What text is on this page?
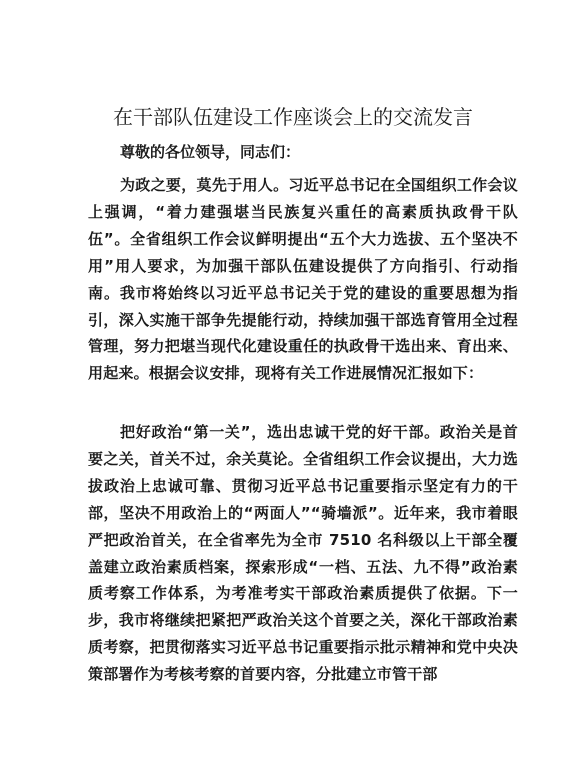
在干部队伍建设工作座谈会上的交流发言
尊敬的各位领导，同志们：

为政之要，莫先于用人。习近平总书记在全国组织工作会议上强调，“着力建强堪当民族复兴重任的高素质执政骨干队伍”。全省组织工作会议鲜明提出“五个大力选拔、五个坚决不用”用人要求，为加强干部队伍建设提供了方向指引、行动指南。我市将始终以习近平总书记关于党的建设的重要思想为指引，深入实施干部争先提能行动，持续加强干部选育管用全过程管理，努力把堪当现代化建设重任的执政骨干选出来、育出来、用起来。根据会议安排，现将有关工作进展情况汇报如下：

把好政治“第一关”，选出忠诚干党的好干部。政治关是首要之关，首关不过，余关莫论。全省组织工作会议提出，大力选拔政治上忠诚可靠、贯彻习近平总书记重要指示坚定有力的干部，坚决不用政治上的“两面人”“骑墙派”。近年来，我市着眼严把政治首关，在全省率先为全市 7510 名科级以上干部全覆盖建立政治素质档案，探索形成“一档、五法、九不得”政治素质考察工作体系，为考准考实干部政治素质提供了依据。下一步，我市将继续把紧把严政治关这个首要之关，深化干部政治素质考察，把贯彻落实习近平总书记重要指示批示精神和党中央决策部署作为考核考察的首要内容，分批建立市管干部
